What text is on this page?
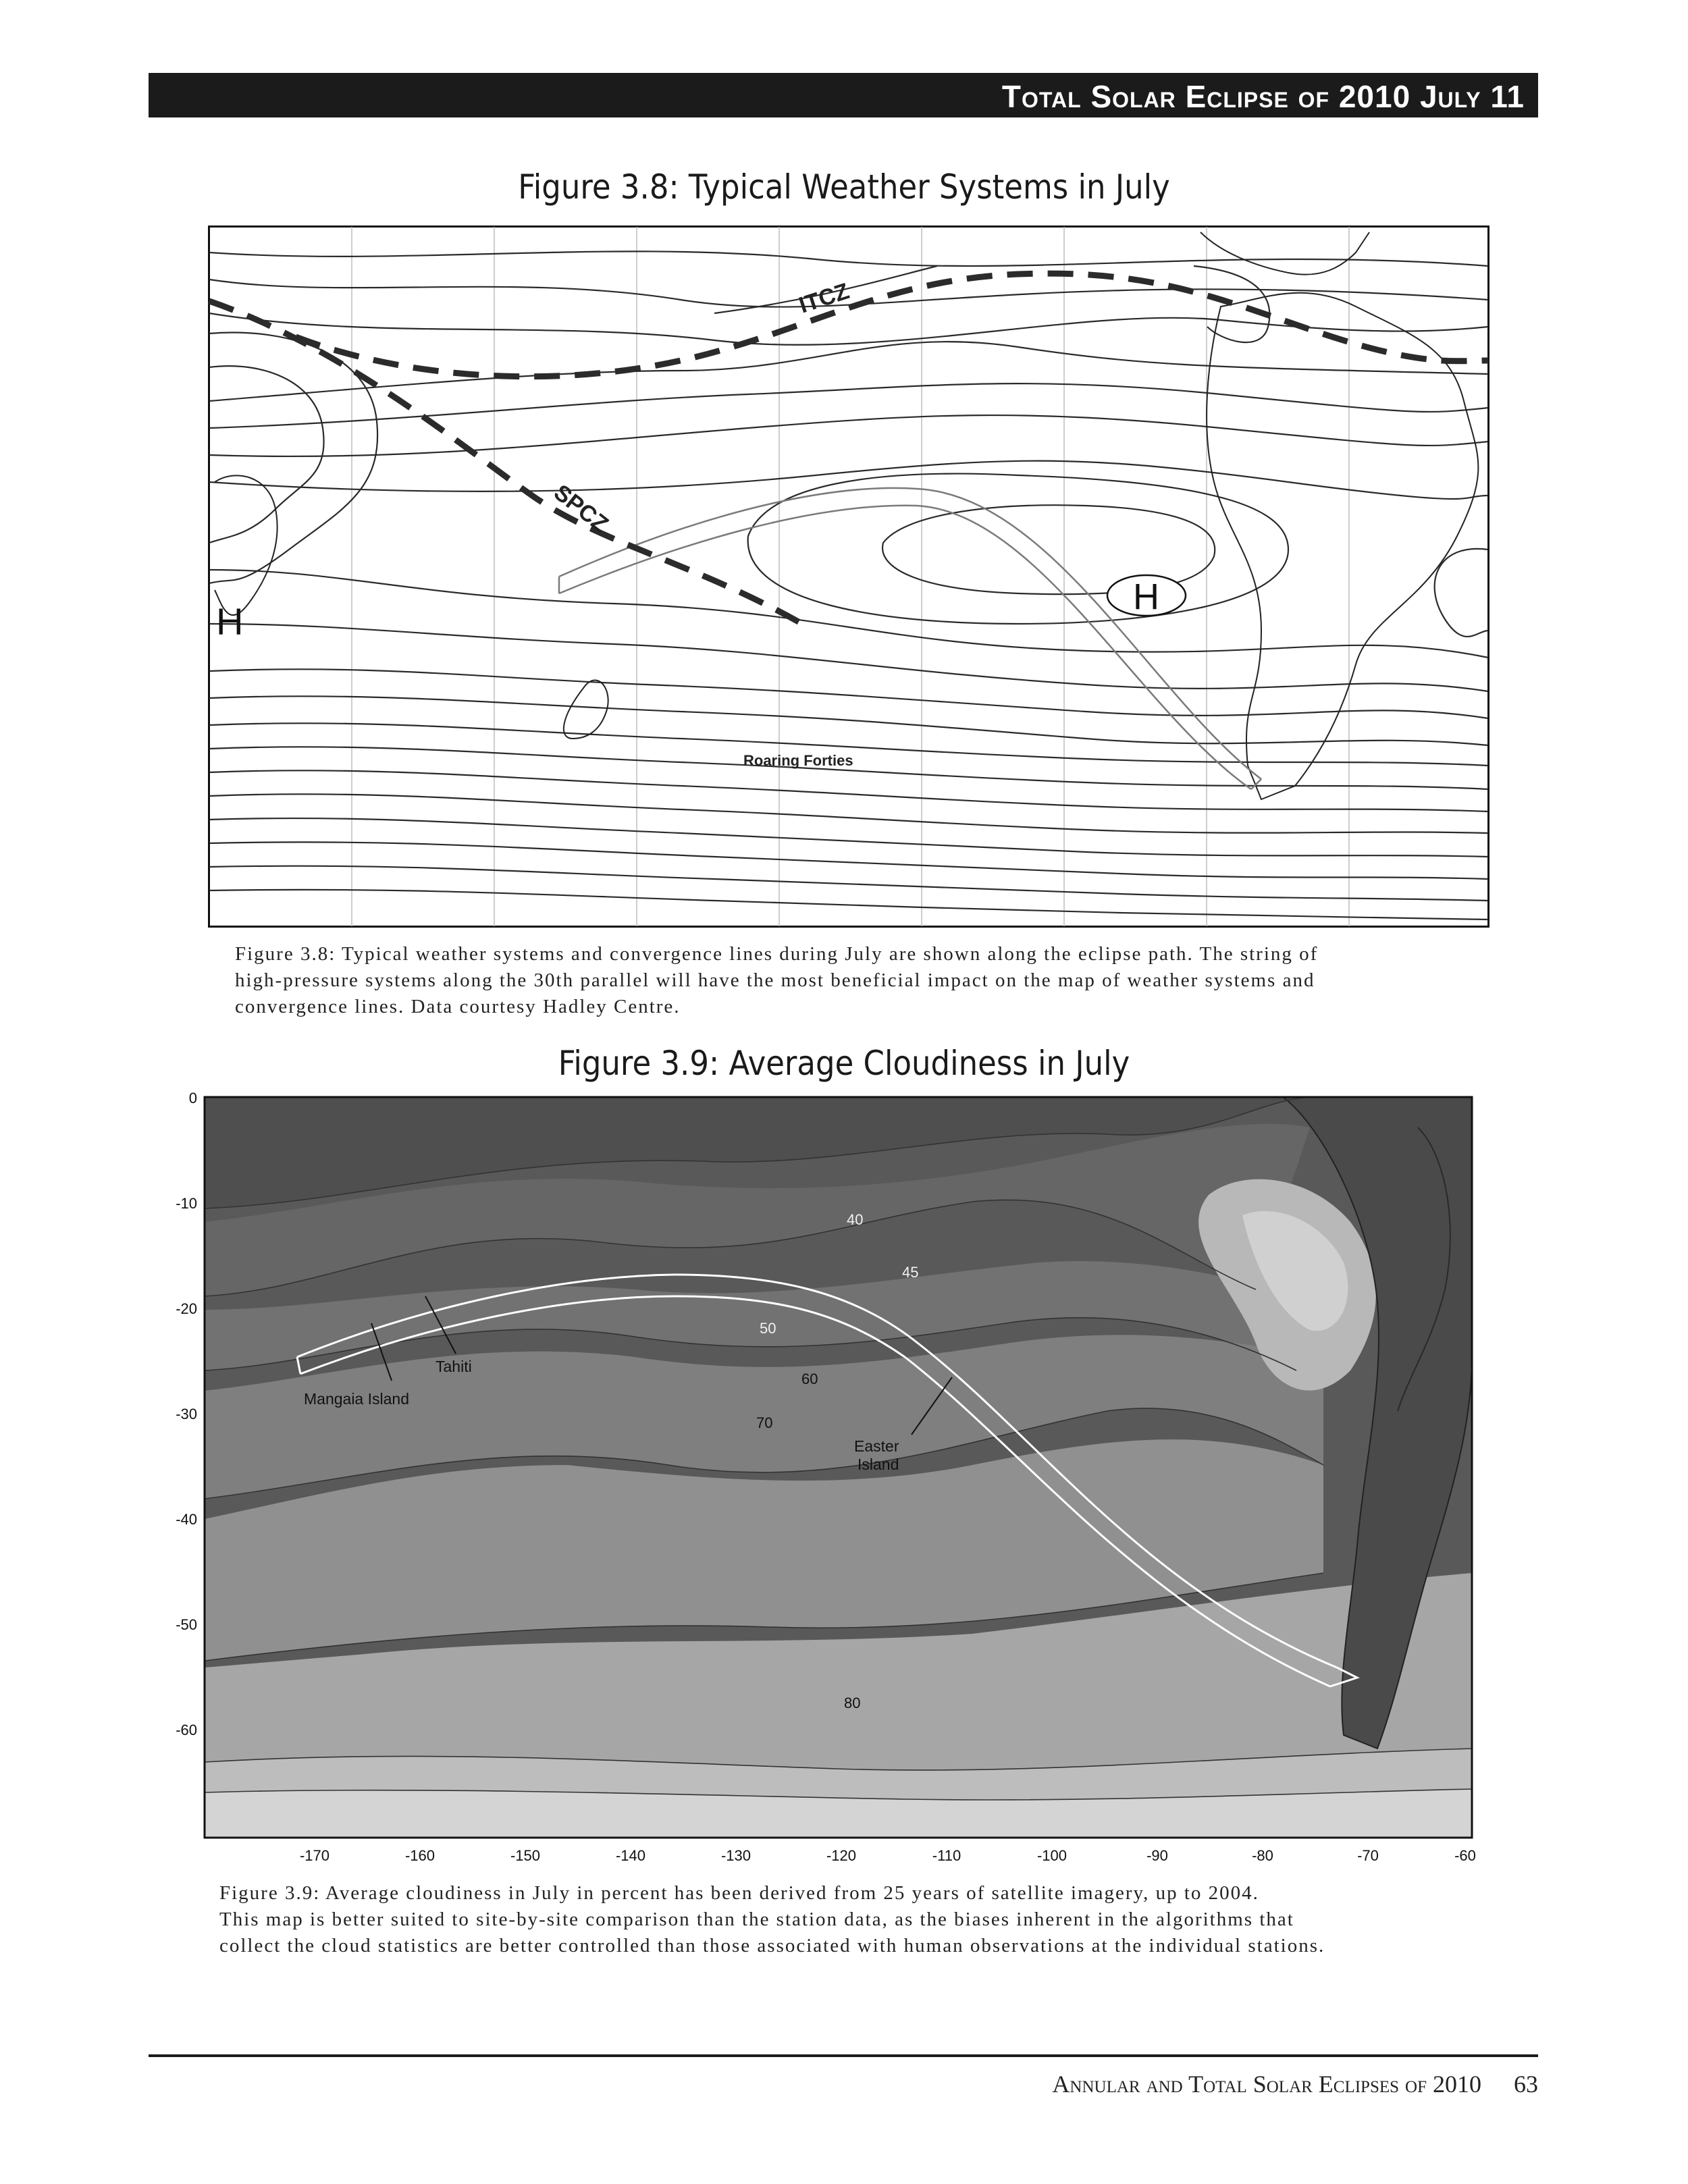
Total Solar Eclipse of 2010 July 11
Figure 3.8: Typical Weather Systems in July
ITCZ
SPCZ
H
H
Roaring Forties
Figure 3.8: Typical weather systems and convergence lines during July are shown along the eclipse path. The string of
high-pressure systems along the 30th parallel will have the most beneficial impact on the map of weather systems and
convergence lines. Data courtesy Hadley Centre.
Figure 3.9: Average Cloudiness in July
0
-10
-20
-30
-40
-50
-60
-170	-160	-150	-140	-130	-120	-110	-100	-90	-80	-70	-60
40
45
50
60
70
80
Tahiti
Mangaia Island
Easter
Island
Figure 3.9: Average cloudiness in July in percent has been derived from 25 years of satellite imagery, up to 2004.
This map is better suited to site-by-site comparison than the station data, as the biases inherent in the algorithms that
collect the cloud statistics are better controlled than those associated with human observations at the individual stations.
Annular and Total Solar Eclipses of 2010 63
